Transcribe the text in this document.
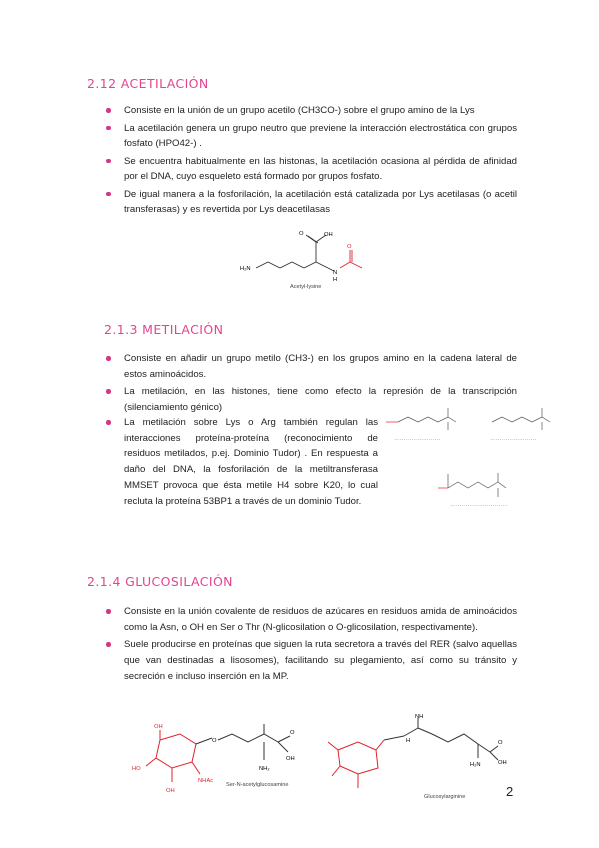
2.12 ACETILACIÓN
Consiste en la unión de un grupo acetilo (CH3CO-) sobre el grupo amino de la Lys
La acetilación genera un grupo neutro que previene la interacción electrostática con grupos fosfato (HPO42-) .
Se encuentra habitualmente en las histonas, la acetilación ocasiona al pérdida de afinidad por el DNA, cuyo esqueleto está formado por grupos fosfato.
De igual manera a la fosforilación, la acetilación está catalizada por Lys acetilasas (o acetil transferasas) y es revertida por Lys deacetilasas
H₂N
OH
O
N
H
O
Acetyl-lysine
2.1.3 METILACIÓN
Consiste en añadir un grupo metilo (CH3-) en los grupos amino en la cadena lateral de estos aminoácidos.
La metilación, en las histones, tiene como efecto la represión de la transcripción (silenciamiento génico)
La metilación sobre Lys o Arg también regulan las interacciones proteína-proteína (reconocimiento de residuos metilados, p.ej. Dominio Tudor) . En respuesta a daño del DNA, la fosforilación de la metiltransferasa MMSET provoca que ésta metile H4 sobre K20, lo cual recluta la proteína 53BP1 a través de un dominio Tudor.
……………………	……………………
…………………………
2.1.4 GLUCOSILACIÓN
Consiste en la unión covalente de residuos de azúcares en residuos amida de aminoácidos como la Asn, o OH en Ser o Thr (N-glicosilation o O-glicosilation, respectivamente).
Suele producirse en proteínas que siguen la ruta secretora a través del RER (salvo aquellas que van destinadas a lisosomes), facilitando su plegamiento, así como su tránsito y secreción e incluso inserción en la MP.
OH
HO
OH
NHAc
O
NH₂
OH
O
Ser-N-acetylglucosamine
NH
H
H₂N
O
OH
Glucosylarginine	2
